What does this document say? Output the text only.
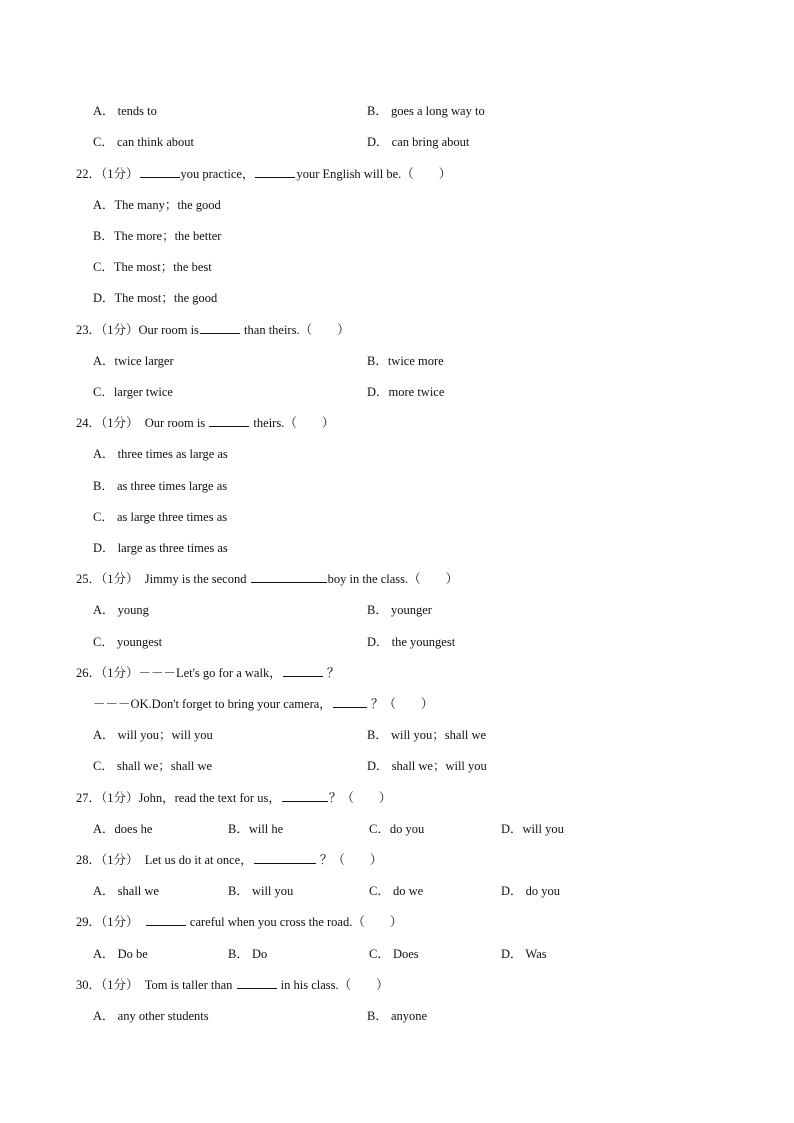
A． tends to	B． goes a long way to
C． can think about	D． can bring about
22．（1分）	you practice，	your English will be.（　　）
A．The many；the good
B．The more；the better
C．The most；the best
D．The most；the good
23．（1分）Our room is	than theirs.（　　）
A．twice larger	B．twice more
C．larger twice	D．more twice
24．（1分）　Our room is	theirs.（　　）
A． three times as large as
B． as three times large as
C． as large three times as
D． large as three times as
25．（1分）　Jimmy is the second	boy in the class.（　　）
A． young	B． younger
C． youngest	D． the youngest
26．（1分）－－－Let's go for a walk，	？
－－－OK.Don't forget to bring your camera，	？（　　）
A． will you；will you	B． will you；shall we
C． shall we；shall we	D． shall we；will you
27．（1分）John，read the text for us，	？（　　）
A．does he	B．will he	C．do you	D．will you
28．（1分）　Let us do it at once，	？（　　）
A． shall we	B． will you	C． do we	D． do you
29．（1分）　	careful when you cross the road.（　　）
A． Do be	B． Do	C． Does	D． Was
30．（1分）　Tom is taller than	in his class.（　　）
A． any other students	B． anyone
